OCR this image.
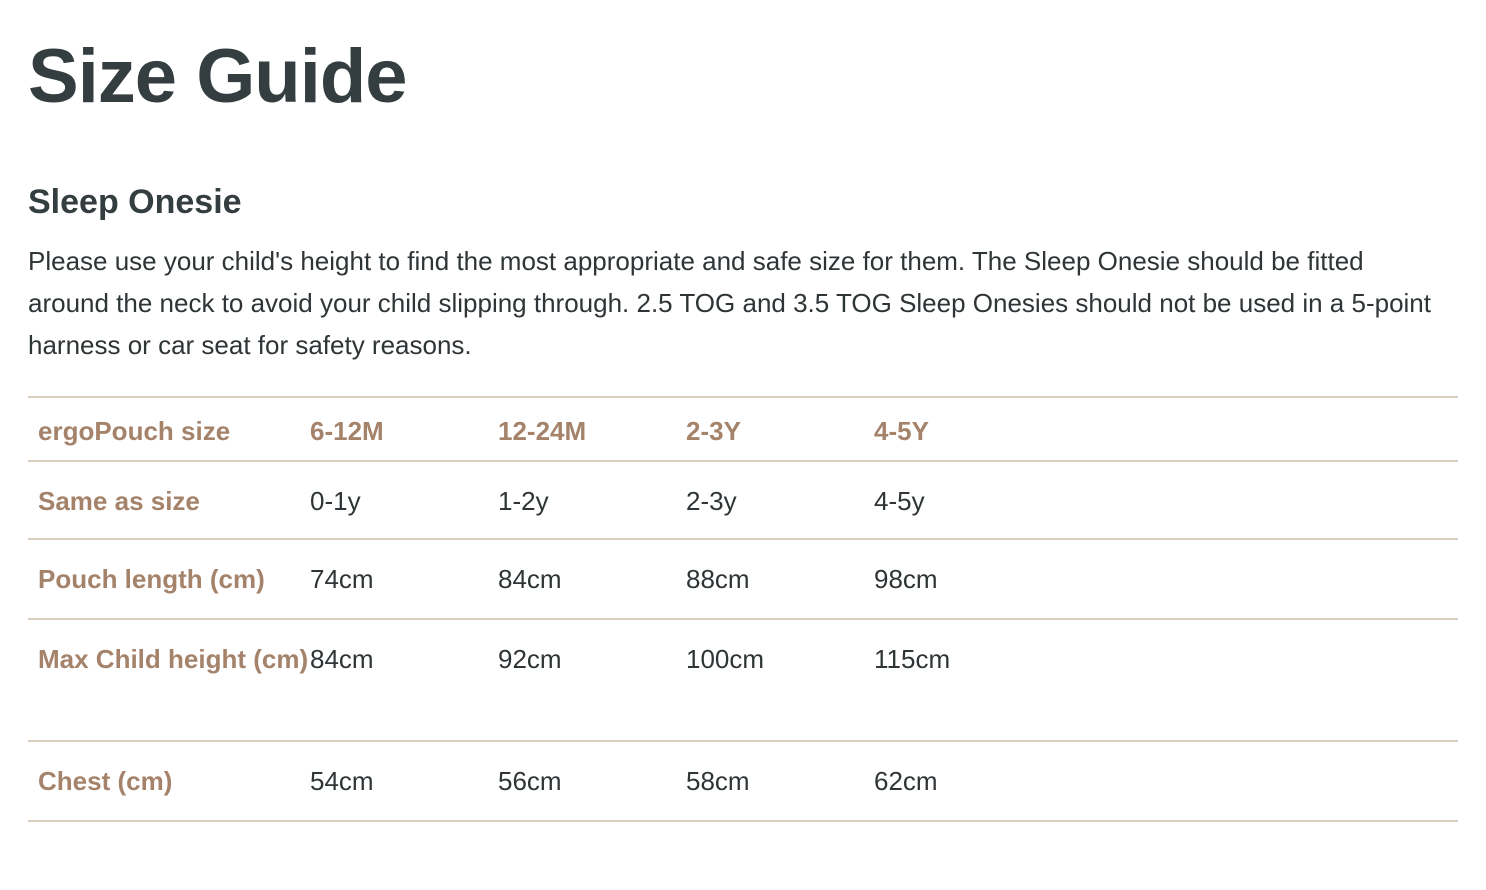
Size Guide
Sleep Onesie

Please use your child's height to find the most appropriate and safe size for them. The Sleep Onesie should be fitted around the neck to avoid your child slipping through. 2.5 TOG and 3.5 TOG Sleep Onesies should not be used in a 5-point harness or car seat for safety reasons.

ergoPouch size	6-12M	12-24M	2-3Y	4-5Y	
Same as size	0-1y	1-2y	2-3y	4-5y	
Pouch length (cm)	74cm	84cm	88cm	98cm	
Max Child height (cm)	84cm	92cm	100cm	115cm	
Chest (cm)	54cm	56cm	58cm	62cm	
